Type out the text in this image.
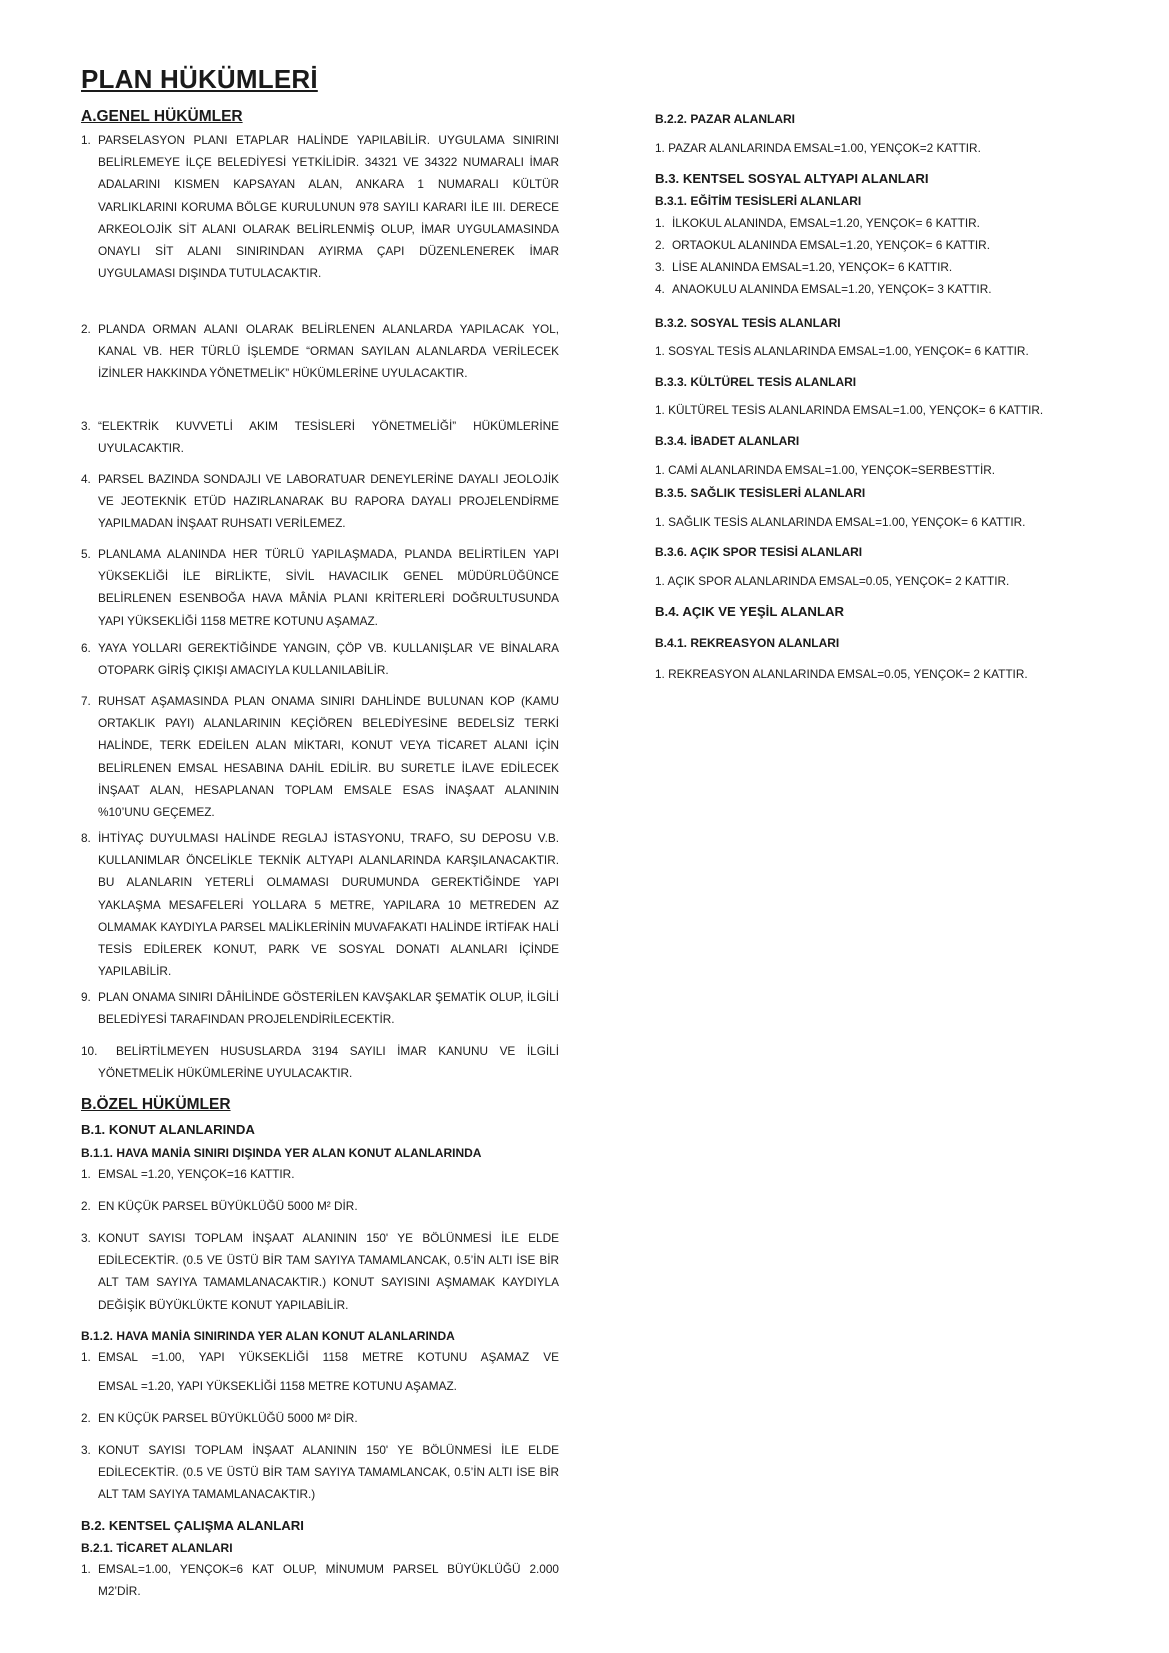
PLAN HÜKÜMLERİ
A.GENEL HÜKÜMLER
1. PARSELASYON PLANI ETAPLAR HALİNDE YAPILABİLİR. UYGULAMA SINIRINI BELİRLEMEYE İLÇE BELEDİYESİ YETKİLİDİR. 34321 VE 34322 NUMARALI İMAR ADALARINI KISMEN KAPSAYAN ALAN, ANKARA 1 NUMARALI KÜLTÜR VARLIKLARINI KORUMA BÖLGE KURULUNUN 978 SAYILI KARARI İLE III. DERECE ARKEOLOJİK SİT ALANI OLARAK BELİRLENMİŞ OLUP, İMAR UYGULAMASINDA ONAYLI SİT ALANI SINIRINDAN AYIRMA ÇAPI DÜZENLENEREK İMAR UYGULAMASI DIŞINDA TUTULACAKTIR.
2. PLANDA ORMAN ALANI OLARAK BELİRLENEN ALANLARDA YAPILACAK YOL, KANAL VB. HER TÜRLÜ İŞLEMDE “ORMAN SAYILAN ALANLARDA VERİLECEK İZİNLER HAKKINDA YÖNETMELİK” HÜKÜMLERİNE UYULACAKTIR.
3. “ELEKTRİK KUVVETLİ AKIM TESİSLERİ YÖNETMELİĞİ” HÜKÜMLERİNE UYULACAKTIR.
4. PARSEL BAZINDA SONDAJLI VE LABORATUAR DENEYLERİNE DAYALI JEOLOJİK VE JEOTEKNİK ETÜD HAZIRLANARAK BU RAPORA DAYALI PROJELENDİRME YAPILMADAN İNŞAAT RUHSATI VERİLEMEZ.
5. PLANLAMA ALANINDA HER TÜRLÜ YAPILAŞMADA, PLANDA BELİRTİLEN YAPI YÜKSEKLİĞİ İLE BİRLİKTE, SİVİL HAVACILIK GENEL MÜDÜRLÜĞÜNCE BELİRLENEN ESENBOĞA HAVA MÂNİA PLANI KRİTERLERİ DOĞRULTUSUNDA YAPI YÜKSEKLİĞİ 1158 METRE KOTUNU AŞAMAZ.
6. YAYA YOLLARI GEREKTİĞİNDE YANGIN, ÇÖP VB. KULLANIŞLAR VE BİNALARA OTOPARK GİRİŞ ÇIKIŞI AMACIYLA KULLANILABİLİR.
7. RUHSAT AŞAMASINDA PLAN ONAMA SINIRI DAHLİNDE BULUNAN KOP (KAMU ORTAKLIK PAYI) ALANLARININ KEÇİÖREN BELEDİYESİNE BEDELSİZ TERKİ HALİNDE, TERK EDEİLEN ALAN MİKTARI, KONUT VEYA TİCARET ALANI İÇİN BELİRLENEN EMSAL HESABINA DAHİL EDİLİR. BU SURETLE İLAVE EDİLECEK İNŞAAT ALAN, HESAPLANAN TOPLAM EMSALE ESAS İNAŞAAT ALANININ %10’UNU GEÇEMEZ.
8. İHTİYAÇ DUYULMASI HALİNDE REGLAJ İSTASYONU, TRAFO, SU DEPOSU V.B. KULLANIMLAR ÖNCELİKLE TEKNİK ALTYAPI ALANLARINDA KARŞILANACAKTIR. BU ALANLARIN YETERLİ OLMAMASI DURUMUNDA GEREKTİĞİNDE YAPI YAKLAŞMA MESAFELERİ YOLLARA 5 METRE, YAPILARA 10 METREDEN AZ OLMAMAK KAYDIYLA PARSEL MALİKLERİNİN MUVAFAKATI HALİNDE İRTİFAK HALİ TESİS EDİLEREK KONUT, PARK VE SOSYAL DONATI ALANLARI İÇİNDE YAPILABİLİR.
9. PLAN ONAMA SINIRI DÂHİLİNDE GÖSTERİLEN KAVŞAKLAR ŞEMATİK OLUP, İLGİLİ BELEDİYESİ TARAFINDAN PROJELENDİRİLECEKTİR.
10.	BELİRTİLMEYEN HUSUSLARDA 3194 SAYILI İMAR KANUNU VE İLGİLİ YÖNETMELİK HÜKÜMLERİNE UYULACAKTIR.
B.ÖZEL HÜKÜMLER
B.1. KONUT ALANLARINDA
B.1.1. HAVA MANİA SINIRI DIŞINDA YER ALAN KONUT ALANLARINDA
1. EMSAL =1.20, YENÇOK=16 KATTIR.
2. EN KÜÇÜK PARSEL BÜYÜKLÜĞÜ 5000 M² DİR.
3. KONUT SAYISI TOPLAM İNŞAAT ALANININ 150' YE BÖLÜNMESİ İLE ELDE EDİLECEKTİR. (0.5 VE ÜSTÜ BİR TAM SAYIYA TAMAMLANCAK, 0.5’İN ALTI İSE BİR ALT TAM SAYIYA TAMAMLANACAKTIR.) KONUT SAYISINI AŞMAMAK KAYDIYLA DEĞİŞİK BÜYÜKLÜKTE KONUT YAPILABİLİR.
B.1.2. HAVA MANİA SINIRINDA YER ALAN KONUT ALANLARINDA
1. EMSAL =1.00, YAPI YÜKSEKLİĞİ 1158 METRE KOTUNU AŞAMAZ VE
EMSAL =1.20, YAPI YÜKSEKLİĞİ 1158 METRE KOTUNU AŞAMAZ.
2. EN KÜÇÜK PARSEL BÜYÜKLÜĞÜ 5000 M² DİR.
3. KONUT SAYISI TOPLAM İNŞAAT ALANININ 150' YE BÖLÜNMESİ İLE ELDE EDİLECEKTİR. (0.5 VE ÜSTÜ BİR TAM SAYIYA TAMAMLANCAK, 0.5’İN ALTI İSE BİR ALT TAM SAYIYA TAMAMLANACAKTIR.)
B.2. KENTSEL ÇALIŞMA ALANLARI
B.2.1. TİCARET ALANLARI
1. EMSAL=1.00, YENÇOK=6 KAT OLUP, MİNUMUM PARSEL BÜYÜKLÜĞÜ 2.000 M2’DİR.
B.2.2. PAZAR ALANLARI
1. PAZAR ALANLARINDA EMSAL=1.00, YENÇOK=2 KATTIR.
B.3. KENTSEL SOSYAL ALTYAPI ALANLARI
B.3.1. EĞİTİM TESİSLERİ ALANLARI
1. İLKOKUL ALANINDA, EMSAL=1.20, YENÇOK= 6 KATTIR.
2. ORTAOKUL ALANINDA EMSAL=1.20, YENÇOK= 6 KATTIR.
3. LİSE ALANINDA EMSAL=1.20, YENÇOK= 6 KATTIR.
4. ANAOKULU ALANINDA EMSAL=1.20, YENÇOK= 3 KATTIR.
B.3.2. SOSYAL TESİS ALANLARI
1. SOSYAL TESİS ALANLARINDA EMSAL=1.00, YENÇOK= 6 KATTIR.
B.3.3. KÜLTÜREL TESİS ALANLARI
1. KÜLTÜREL TESİS ALANLARINDA EMSAL=1.00, YENÇOK= 6 KATTIR.
B.3.4. İBADET ALANLARI
1. CAMİ ALANLARINDA EMSAL=1.00, YENÇOK=SERBESTTİR.
B.3.5. SAĞLIK TESİSLERİ ALANLARI
1. SAĞLIK TESİS ALANLARINDA EMSAL=1.00, YENÇOK= 6 KATTIR.
B.3.6. AÇIK SPOR TESİSİ ALANLARI
1. AÇIK SPOR ALANLARINDA EMSAL=0.05, YENÇOK= 2 KATTIR.
B.4. AÇIK VE YEŞİL ALANLAR
B.4.1. REKREASYON ALANLARI
1. REKREASYON ALANLARINDA EMSAL=0.05, YENÇOK= 2 KATTIR.
